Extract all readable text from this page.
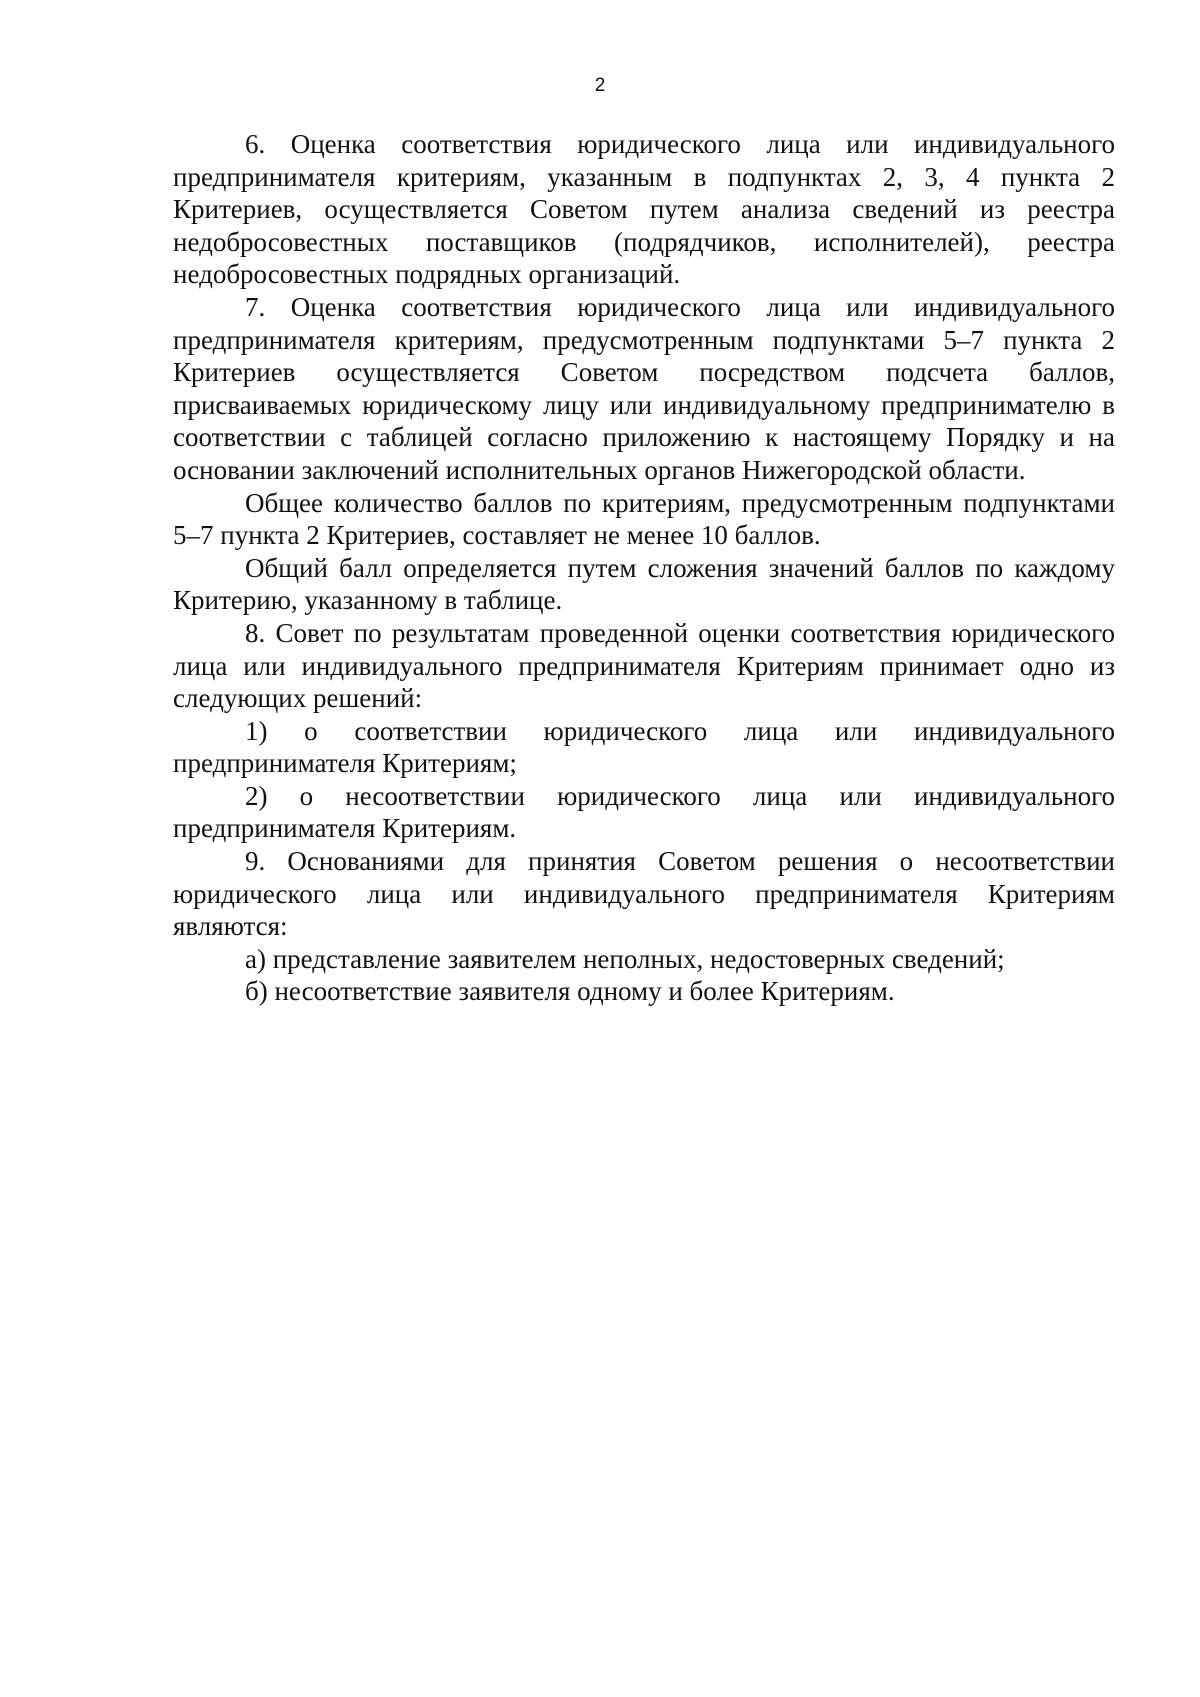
2

6. Оценка соответствия юридического лица или индивидуального предпринимателя критериям, указанным в подпунктах 2, 3, 4 пункта 2 Критериев, осуществляется Советом путем анализа сведений из реестра недобросовестных поставщиков (подрядчиков, исполнителей), реестра недобросовестных подрядных организаций.

7. Оценка соответствия юридического лица или индивидуального предпринимателя критериям, предусмотренным подпунктами 5–7 пункта 2 Критериев осуществляется Советом посредством подсчета баллов, присваиваемых юридическому лицу или индивидуальному предпринимателю в соответствии с таблицей согласно приложению к настоящему Порядку и на основании заключений исполнительных органов Нижегородской области.

Общее количество баллов по критериям, предусмотренным подпунктами 5–7 пункта 2 Критериев, составляет не менее 10 баллов.

Общий балл определяется путем сложения значений баллов по каждому Критерию, указанному в таблице.

8. Совет по результатам проведенной оценки соответствия юридического лица или индивидуального предпринимателя Критериям принимает одно из следующих решений:

1) о соответствии юридического лица или индивидуального предпринимателя Критериям;

2) о несоответствии юридического лица или индивидуального предпринимателя Критериям.

9. Основаниями для принятия Советом решения о несоответствии юридического лица или индивидуального предпринимателя Критериям являются:

а) представление заявителем неполных, недостоверных сведений;

б) несоответствие заявителя одному и более Критериям.
